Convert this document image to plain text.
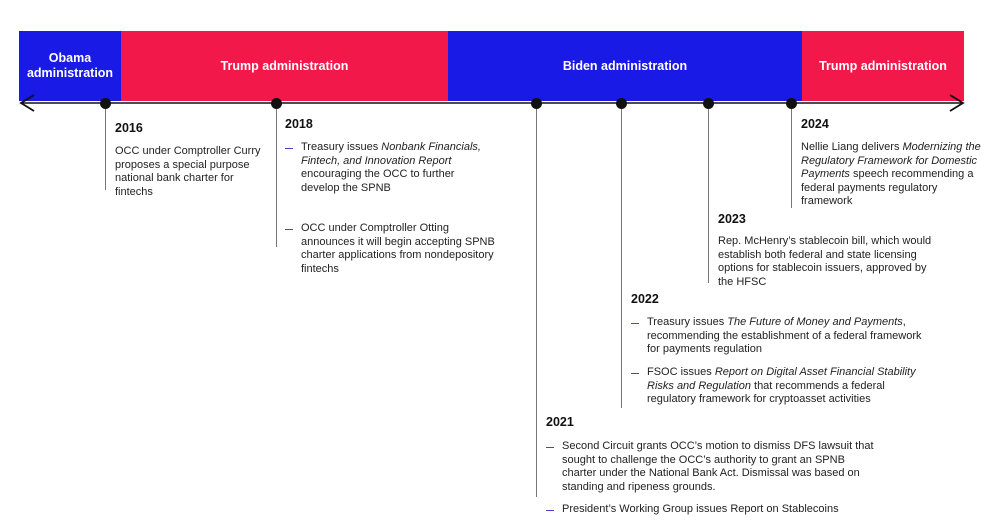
Obama administration
Trump administration	Biden administration	Trump administration
2016
OCC under Comptroller Curry proposes a special purpose national bank charter for fintechs
2018
Treasury issues Nonbank Financials, Fintech, and Innovation Report encouraging the OCC to further develop the SPNB
OCC under Comptroller Otting announces it will begin accepting SPNB charter applications from nondepository fintechs
2024
Nellie Liang delivers Modernizing the Regulatory Framework for Domestic Payments speech recommending a federal payments regulatory framework
2023
Rep. McHenry’s stablecoin bill, which would establish both federal and state licensing options for stablecoin issuers, approved by the HFSC
2022
Treasury issues The Future of Money and Payments, recommending the establishment of a federal framework for payments regulation
FSOC issues Report on Digital Asset Financial Stability Risks and Regulation that recommends a federal regulatory framework for cryptoasset activities
2021
Second Circuit grants OCC’s motion to dismiss DFS lawsuit that sought to challenge the OCC’s authority to grant an SPNB charter under the National Bank Act. Dismissal was based on standing and ripeness grounds.
President’s Working Group issues Report on Stablecoins
